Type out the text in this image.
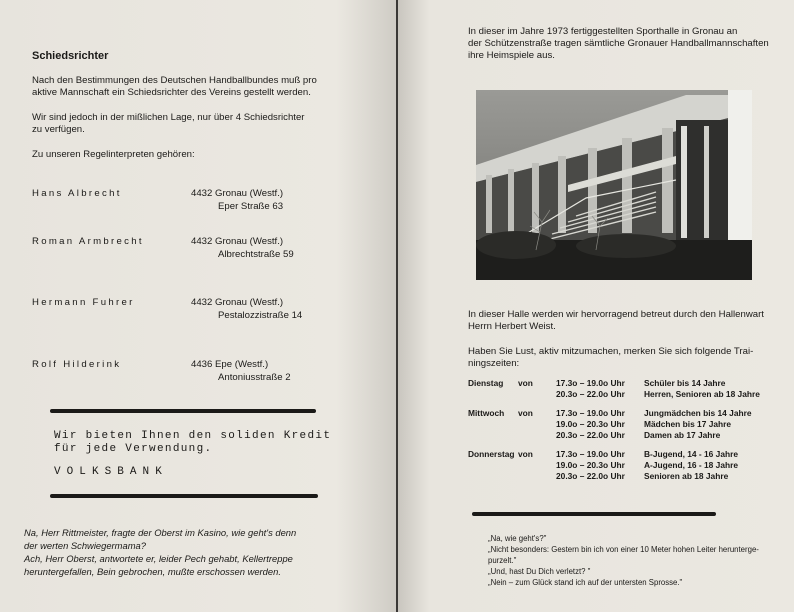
Schiedsrichter
Nach den Bestimmungen des Deutschen Handballbundes muß pro
aktive Mannschaft ein Schiedsrichter des Vereins gestellt werden.
Wir sind jedoch in der mißlichen Lage, nur über 4 Schiedsrichter
zu verfügen.
Zu unseren Regelinterpreten gehören:
Hans Albrecht	4432 Gronau (Westf.)
Eper Straße 63
Roman Armbrecht	4432 Gronau (Westf.)
Albrechtstraße 59
Hermann Fuhrer	4432 Gronau (Westf.)
Pestalozzistraße 14
Rolf Hilderink	4436 Epe (Westf.)
Antoniusstraße 2
Wir bieten Ihnen den soliden Kredit
für jede Verwendung.
VOLKSBANK
Na, Herr Rittmeister, fragte der Oberst im Kasino, wie geht's denn
der werten Schwiegermama?
Ach, Herr Oberst, antwortete er, leider Pech gehabt, Kellertreppe
heruntergefallen, Bein gebrochen, mußte erschossen werden.
In dieser im Jahre 1973 fertiggestellten Sporthalle in Gronau an
der Schützenstraße tragen sämtliche Gronauer Handballmannschaften
ihre Heimspiele aus.
In dieser Halle werden wir hervorragend betreut durch den Hallenwart
Herrn Herbert Weist.
Haben Sie Lust, aktiv mitzumachen, merken Sie sich folgende Trai-
ningszeiten:
Dienstag	von	17.3o – 19.0o Uhr	Schüler bis 14 Jahre
		20.3o – 22.0o Uhr	Herren, Senioren ab 18 Jahre

Mittwoch	von	17.3o – 19.0o Uhr	Jungmädchen bis 14 Jahre
		19.0o – 20.3o Uhr	Mädchen bis 17 Jahre
		20.3o – 22.0o Uhr	Damen ab 17 Jahre

Donnerstag	von	17.3o – 19.0o Uhr	B-Jugend, 14 - 16 Jahre
		19.0o – 20.3o Uhr	A-Jugend, 16 - 18 Jahre
		20.3o – 22.0o Uhr	Senioren ab 18 Jahre
„Na, wie geht's?"
„Nicht besonders: Gestern bin ich von einer 10 Meter hohen Leiter herunterge-
purzelt."
„Und, hast Du Dich verletzt? "
„Nein – zum Glück stand ich auf der untersten Sprosse."
